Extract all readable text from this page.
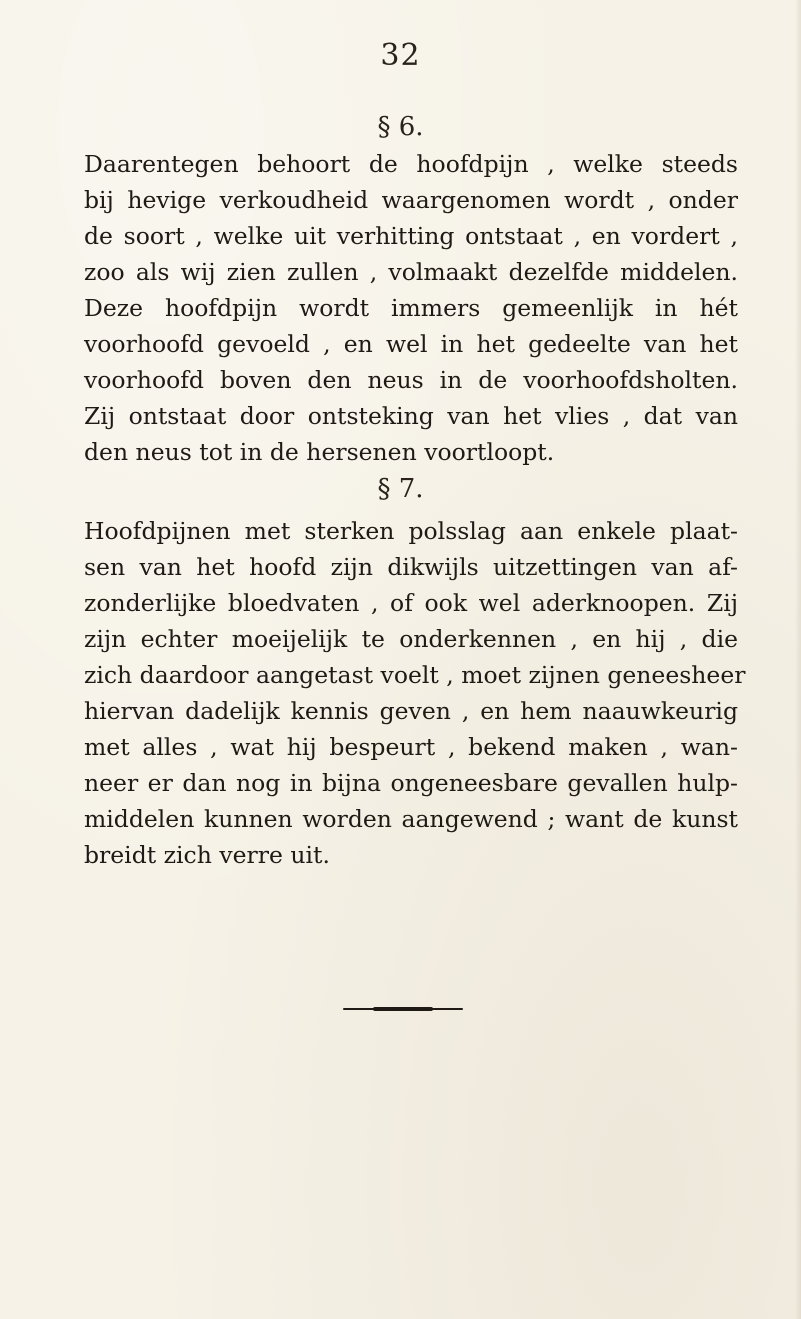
32
§ 6.
Daarentegen behoort de hoofdpijn , welke steeds
bij hevige verkoudheid waargenomen wordt , onder
de soort , welke uit verhitting ontstaat , en vordert ,
zoo als wij zien zullen , volmaakt dezelfde middelen.
Deze hoofdpijn wordt immers gemeenlijk in hét
voorhoofd gevoeld , en wel in het gedeelte van het
voorhoofd boven den neus in de voorhoofdsholten.
Zij ontstaat door ontsteking van het vlies , dat van
den neus tot in de hersenen voortloopt.
§ 7.
Hoofdpijnen met sterken polsslag aan enkele plaat-
sen van het hoofd zijn dikwijls uitzettingen van af-
zonderlijke bloedvaten , of ook wel aderknoopen. Zij
zijn echter moeijelijk te onderkennen , en hij , die
zich daardoor aangetast voelt , moet zijnen geneesheer
hiervan dadelijk kennis geven , en hem naauwkeurig
met alles , wat hij bespeurt , bekend maken , wan-
neer er dan nog in bijna ongeneesbare gevallen hulp-
middelen kunnen worden aangewend ; want de kunst
breidt zich verre uit.
